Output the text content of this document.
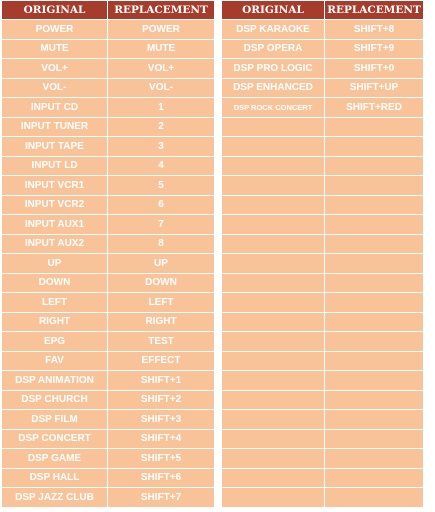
ORIGINAL	REPLACEMENT
POWER	POWER
MUTE	MUTE
VOL+	VOL+
VOL-	VOL-
INPUT CD	1
INPUT TUNER	2
INPUT TAPE	3
INPUT LD	4
INPUT VCR1	5
INPUT VCR2	6
INPUT AUX1	7
INPUT AUX2	8
UP	UP
DOWN	DOWN
LEFT	LEFT
RIGHT	RIGHT
EPG	TEST
FAV	EFFECT
DSP ANIMATION	SHIFT+1
DSP CHURCH	SHIFT+2
DSP FILM	SHIFT+3
DSP CONCERT	SHIFT+4
DSP GAME	SHIFT+5
DSP HALL	SHIFT+6
DSP JAZZ CLUB	SHIFT+7
ORIGINAL	REPLACEMENT
DSP KARAOKE	SHIFT+8
DSP OPERA	SHIFT+9
DSP PRO LOGIC	SHIFT+0
DSP ENHANCED	SHIFT+UP
DSP ROCK CONCERT	SHIFT+RED
